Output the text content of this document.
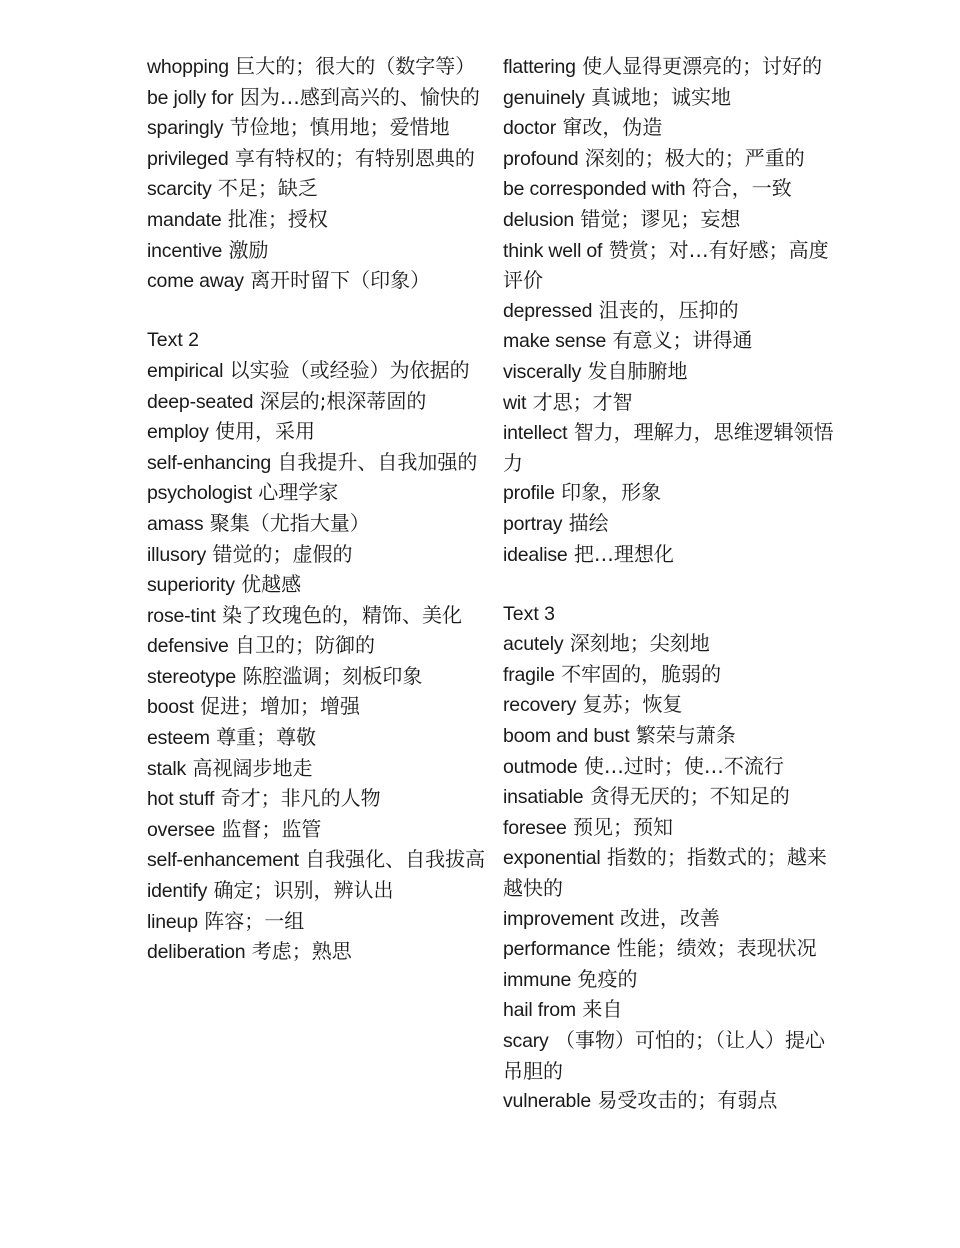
whopping 巨大的；很大的（数字等）

be jolly for 因为…感到高兴的、愉快的

sparingly 节俭地；慎用地；爱惜地

privileged 享有特权的；有特别恩典的

scarcity 不足；缺乏

mandate 批准；授权

incentive 激励

come away 离开时留下（印象）

Text 2

empirical 以实验（或经验）为依据的

deep-seated 深层的;根深蒂固的

employ 使用，采用

self-enhancing 自我提升、自我加强的

psychologist 心理学家

amass 聚集（尤指大量）

illusory 错觉的；虚假的

superiority 优越感

rose-tint 染了玫瑰色的，精饰、美化

defensive 自卫的；防御的

stereotype 陈腔滥调；刻板印象

boost 促进；增加；增强

esteem 尊重；尊敬

stalk 高视阔步地走

hot stuff 奇才；非凡的人物

oversee 监督；监管

self-enhancement 自我强化、自我拔高

identify 确定；识别，辨认出

lineup 阵容；一组

deliberation 考虑；熟思

flattering 使人显得更漂亮的；讨好的

genuinely 真诚地；诚实地

doctor 窜改，伪造

profound 深刻的；极大的；严重的

be corresponded with 符合，一致

delusion 错觉；谬见；妄想

think well of 赞赏；对…有好感；高度评价

depressed 沮丧的，压抑的

make sense 有意义；讲得通

viscerally 发自肺腑地

wit 才思；才智

intellect 智力，理解力，思维逻辑领悟力

profile 印象，形象

portray 描绘

idealise 把…理想化

Text 3

acutely 深刻地；尖刻地

fragile 不牢固的，脆弱的

recovery 复苏；恢复

boom and bust 繁荣与萧条

outmode 使…过时；使…不流行

insatiable 贪得无厌的；不知足的

foresee 预见；预知

exponential 指数的；指数式的；越来越快的

improvement 改进，改善

performance 性能；绩效；表现状况

immune 免疫的

hail from 来自

scary （事物）可怕的；（让人）提心吊胆的

vulnerable 易受攻击的；有弱点
